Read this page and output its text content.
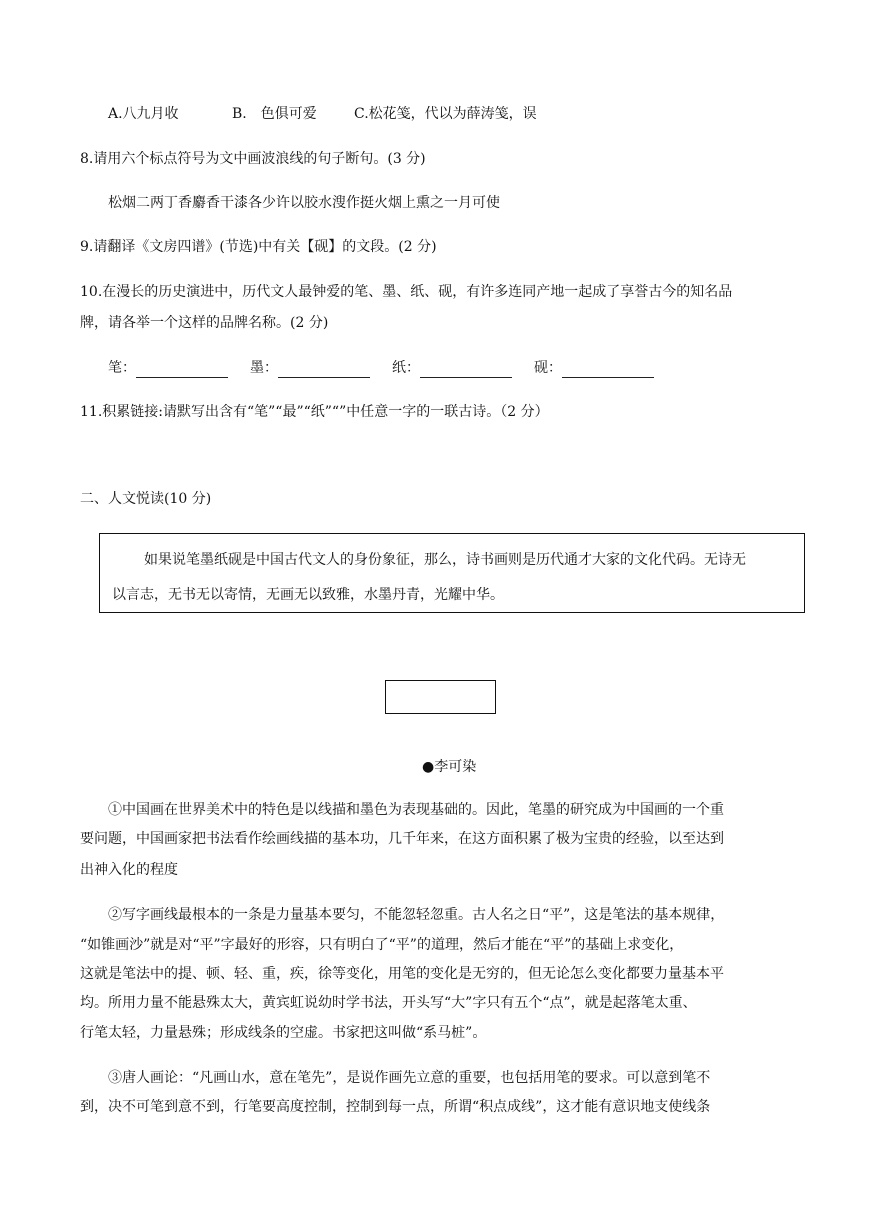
A.八九月收	B.　色俱可爱	C.松花笺，代以为薛涛笺，误
8.请用六个标点符号为文中画波浪线的句子断句。(3 分)
松烟二两丁香麝香干漆各少许以胶水溲作挺火烟上熏之一月可使
9.请翻译《文房四谱》(节选)中有关【砚】的文段。(2 分)
10.在漫长的历史演进中，历代文人最钟爱的笔、墨、纸、砚，有许多连同产地一起成了享誉古今的知名品
牌，请各举一个这样的品牌名称。(2 分)
笔：	墨：	纸：	砚：
11.积累链接:请默写出含有“笔”“最”“纸”“”中任意一字的一联古诗。（2 分）
二、人文悦读(10 分)

如果说笔墨纸砚是中国古代文人的身份象征，那么，诗书画则是历代通才大家的文化代码。无诗无

以言志，无书无以寄情，无画无以致雅，水墨丹青，光耀中华。

●李可染
①中国画在世界美术中的特色是以线描和墨色为表现基础的。因此，笔墨的研究成为中国画的一个重
要问题，中国画家把书法看作绘画线描的基本功，几千年来，在这方面积累了极为宝贵的经验，以至达到
出神入化的程度
②写字画线最根本的一条是力量基本要匀，不能忽轻忽重。古人名之日“平”，这是笔法的基本规律，
“如锥画沙”就是对“平”字最好的形容，只有明白了“平”的道理，然后才能在“平”的基础上求变化，
这就是笔法中的提、顿、轻、重，疾，徐等变化，用笔的变化是无穷的，但无论怎么变化都要力量基本平
均。所用力量不能悬殊太大，黄宾虹说幼时学书法，开头写“大”字只有五个“点”，就是起落笔太重、
行笔太轻，力量悬殊；形成线条的空虚。书家把这叫做“系马桩”。
③唐人画论：“凡画山水，意在笔先”，是说作画先立意的重要，也包括用笔的要求。可以意到笔不
到，决不可笔到意不到，行笔要高度控制，控制到每一点，所谓“积点成线”，这才能有意识地支使线条
